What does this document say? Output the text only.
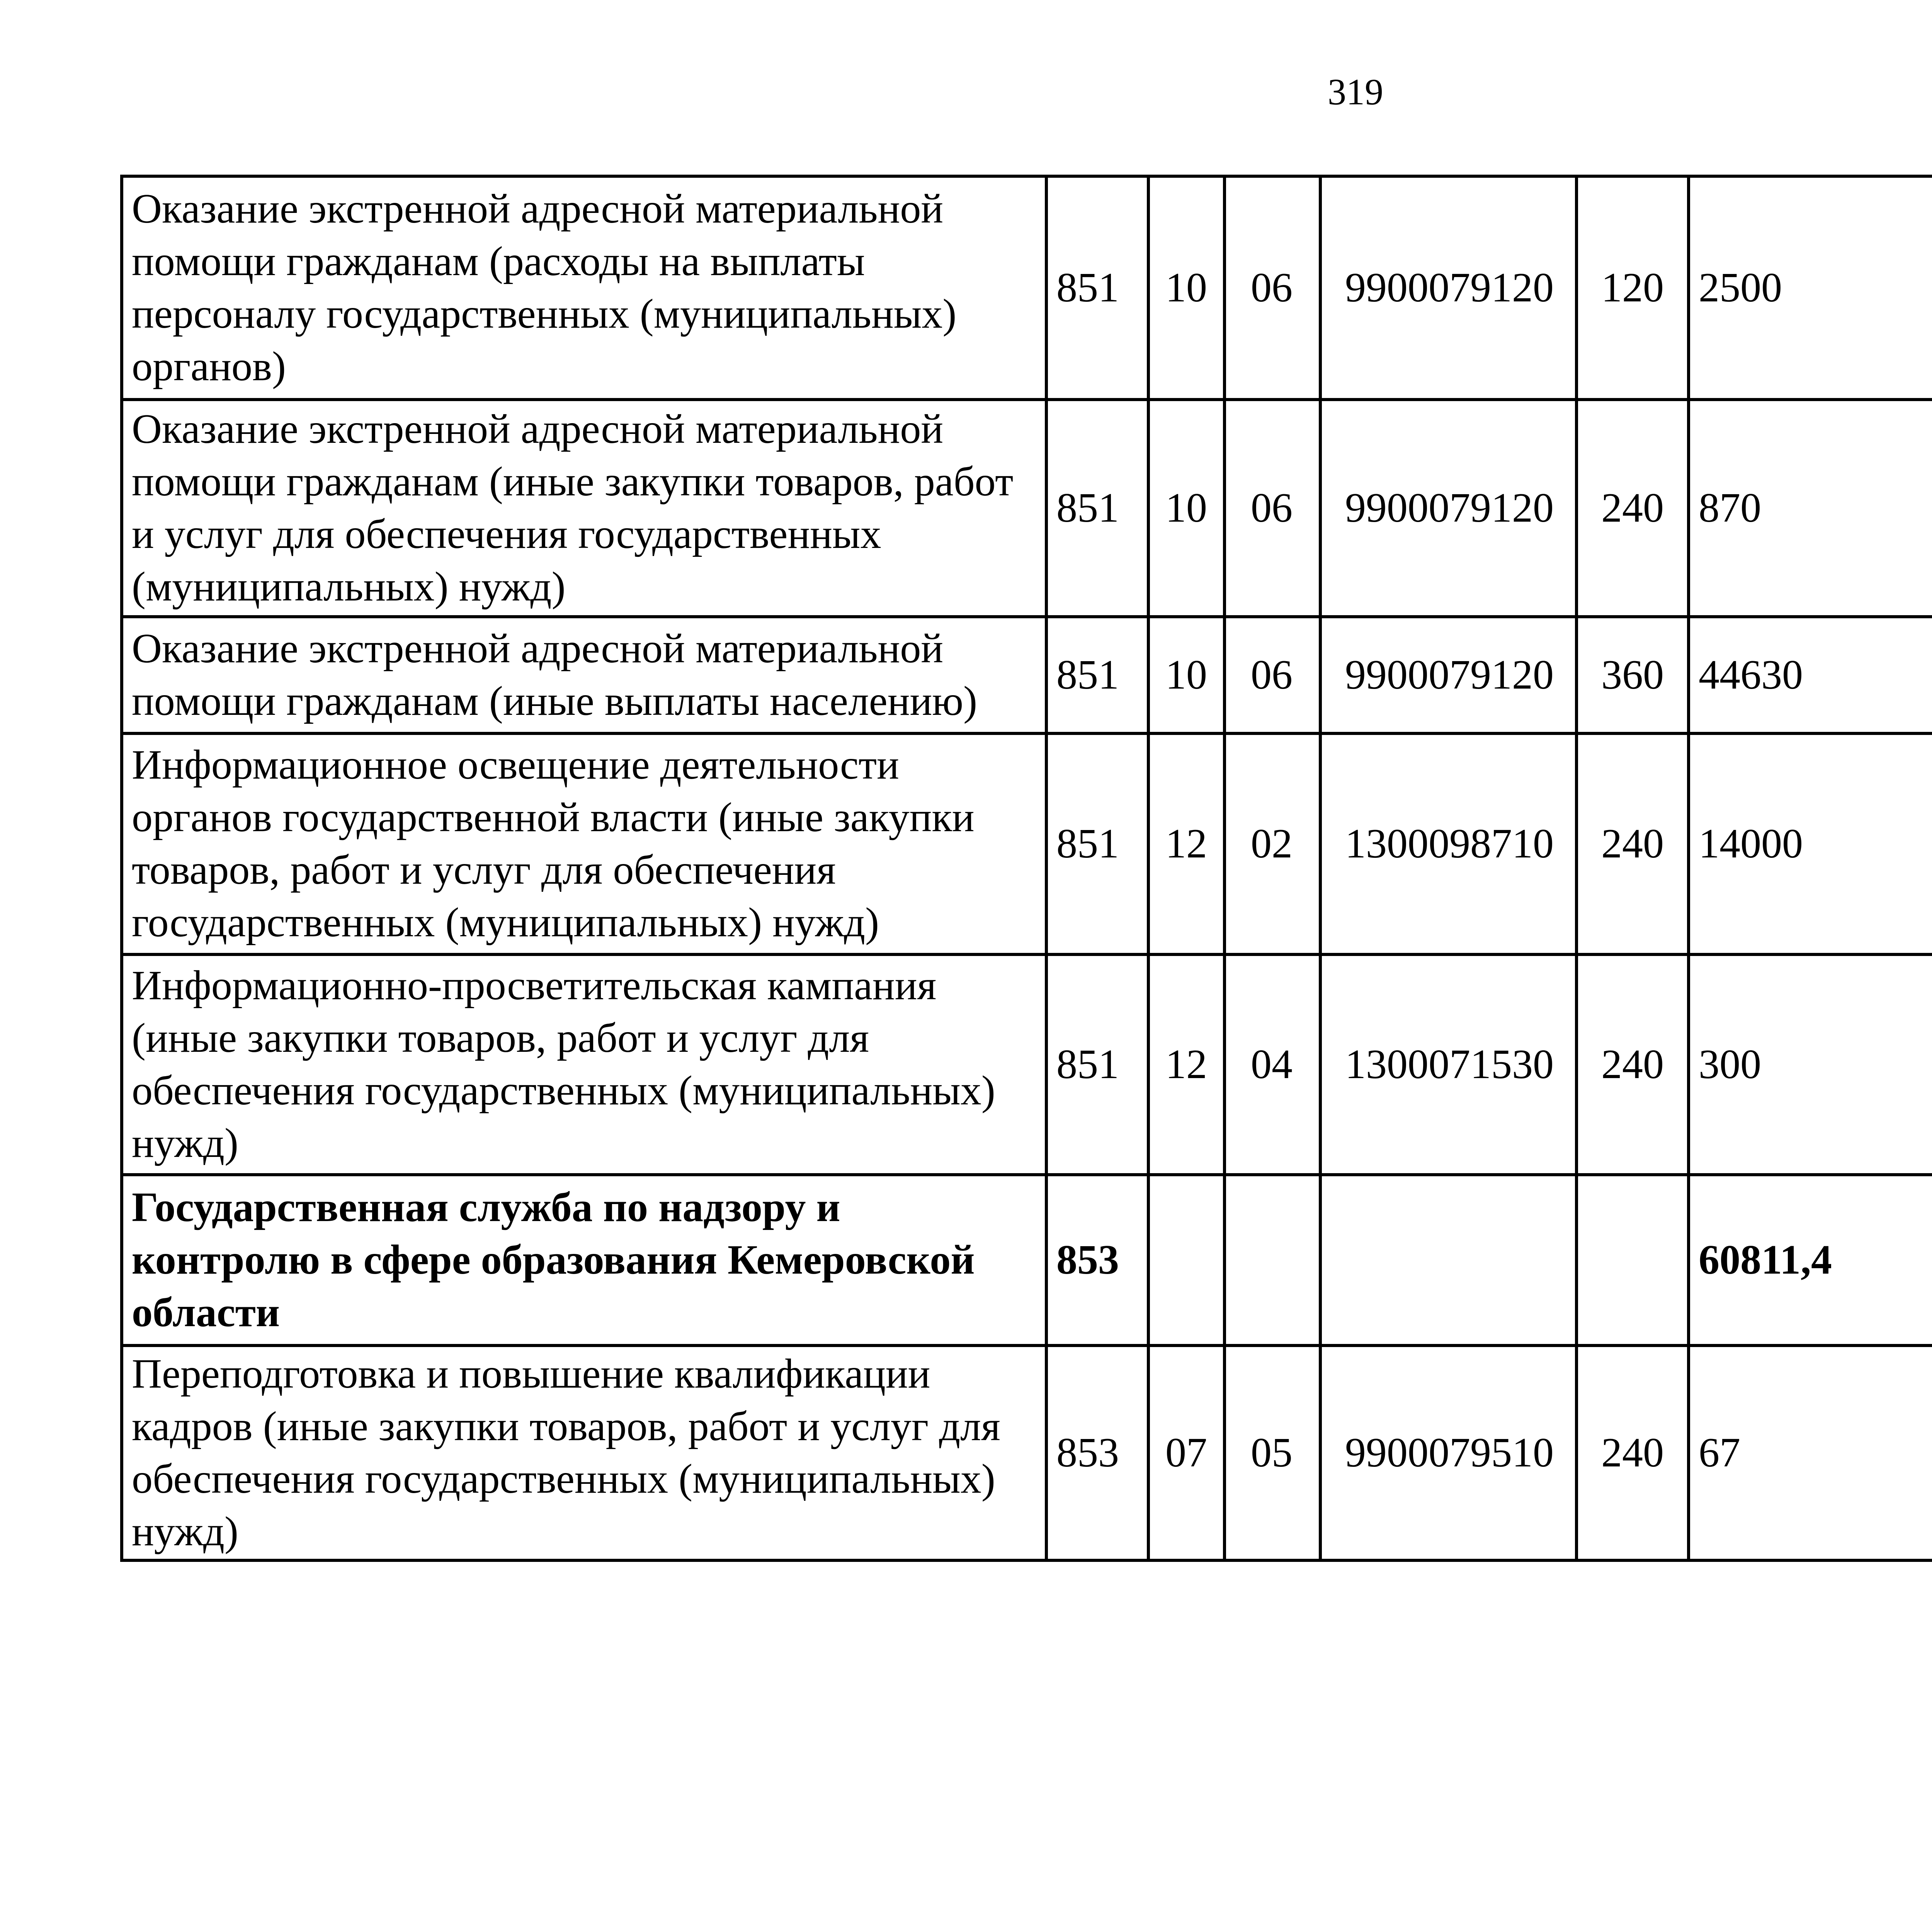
319
Оказание экстренной адресной материальной помощи гражданам (расходы на выплаты персоналу государственных (муниципальных) органов)	851	10	06	9900079120	120	2500		
Оказание экстренной адресной материальной помощи гражданам (иные закупки товаров, работ и услуг для обеспечения государственных (муниципальных) нужд)	851	10	06	9900079120	240	870		
Оказание экстренной адресной материальной помощи гражданам (иные выплаты населению)	851	10	06	9900079120	360	44630		
Информационное освещение деятельности органов государственной власти (иные закупки товаров, работ и услуг для обеспечения государственных (муниципальных) нужд)	851	12	02	1300098710	240	14000		
Информационно-просветительская кампания (иные закупки товаров, работ и услуг для обеспечения государственных (муниципальных) нужд)	851	12	04	1300071530	240	300		
Государственная служба по надзору и контролю в сфере образования Кемеровской области	853					60811,4		
Переподготовка и повышение квалификации кадров (иные закупки товаров, работ и услуг для обеспечения государственных (муниципальных) нужд)	853	07	05	9900079510	240	67		
